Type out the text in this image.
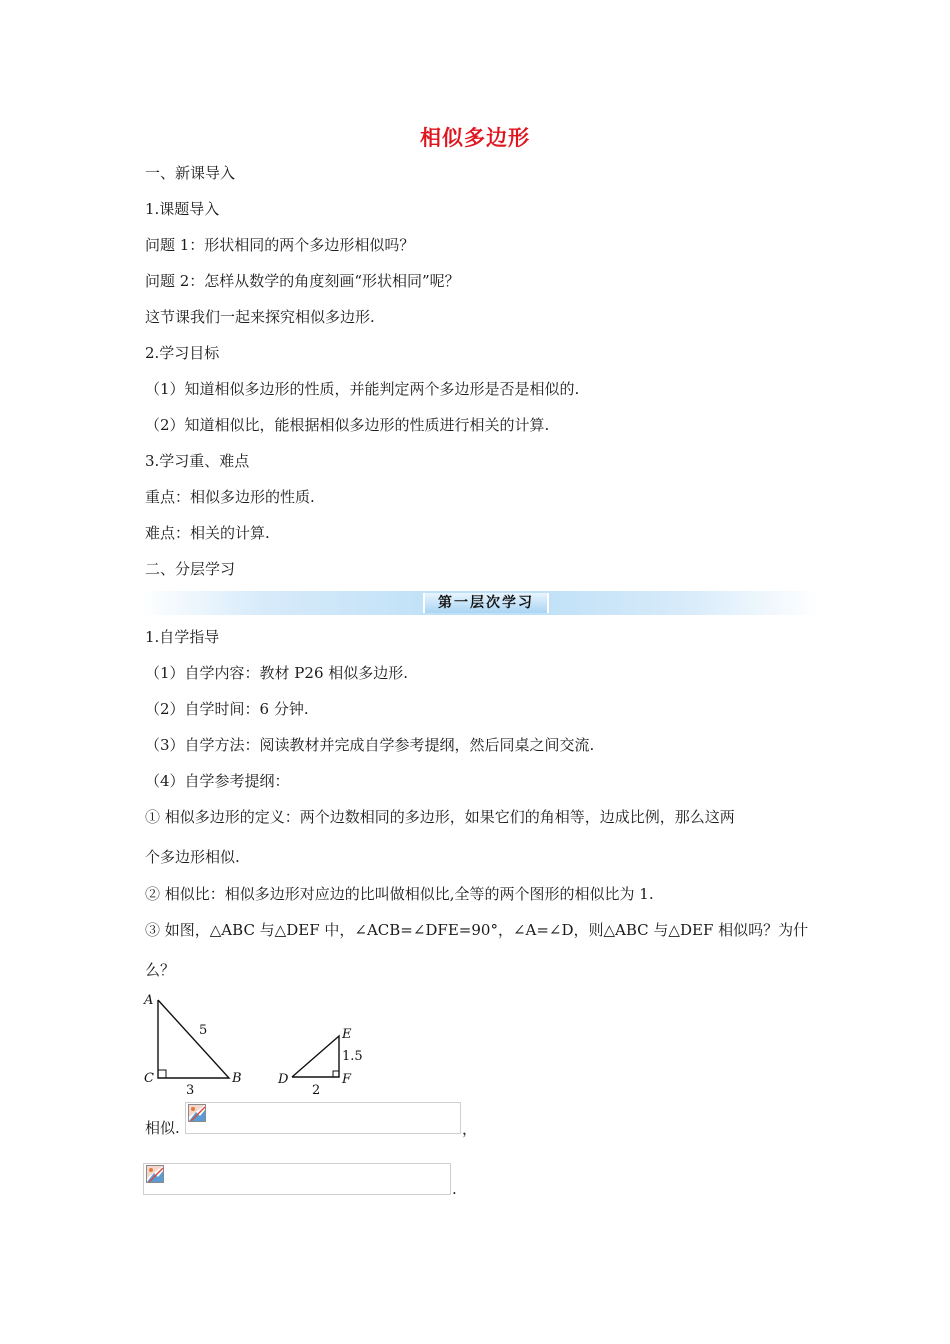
相似多边形
一、新课导入
1.课题导入
问题 1：形状相同的两个多边形相似吗？
问题 2：怎样从数学的角度刻画“形状相同”呢？
这节课我们一起来探究相似多边形.
2.学习目标
（1）知道相似多边形的性质，并能判定两个多边形是否是相似的.
（2）知道相似比，能根据相似多边形的性质进行相关的计算.
3.学习重、难点
重点：相似多边形的性质.
难点：相关的计算.
二、分层学习
第一层次学习
1.自学指导
（1）自学内容：教材 P26 相似多边形.
（2）自学时间：6 分钟.
（3）自学方法：阅读教材并完成自学参考提纲，然后同桌之间交流.
（4）自学参考提纲：
① 相似多边形的定义：两个边数相同的多边形，如果它们的角相等，边成比例，那么这两
个多边形相似.
② 相似比：相似多边形对应边的比叫做相似比,全等的两个图形的相似比为 1.
③ 如图，△ABC 与△DEF 中，∠ACB=∠DFE=90°，∠A=∠D，则△ABC 与△DEF 相似吗？为什
么？
A
C	B
5
3
E
D	F
1.5
2
相似.	，
.
